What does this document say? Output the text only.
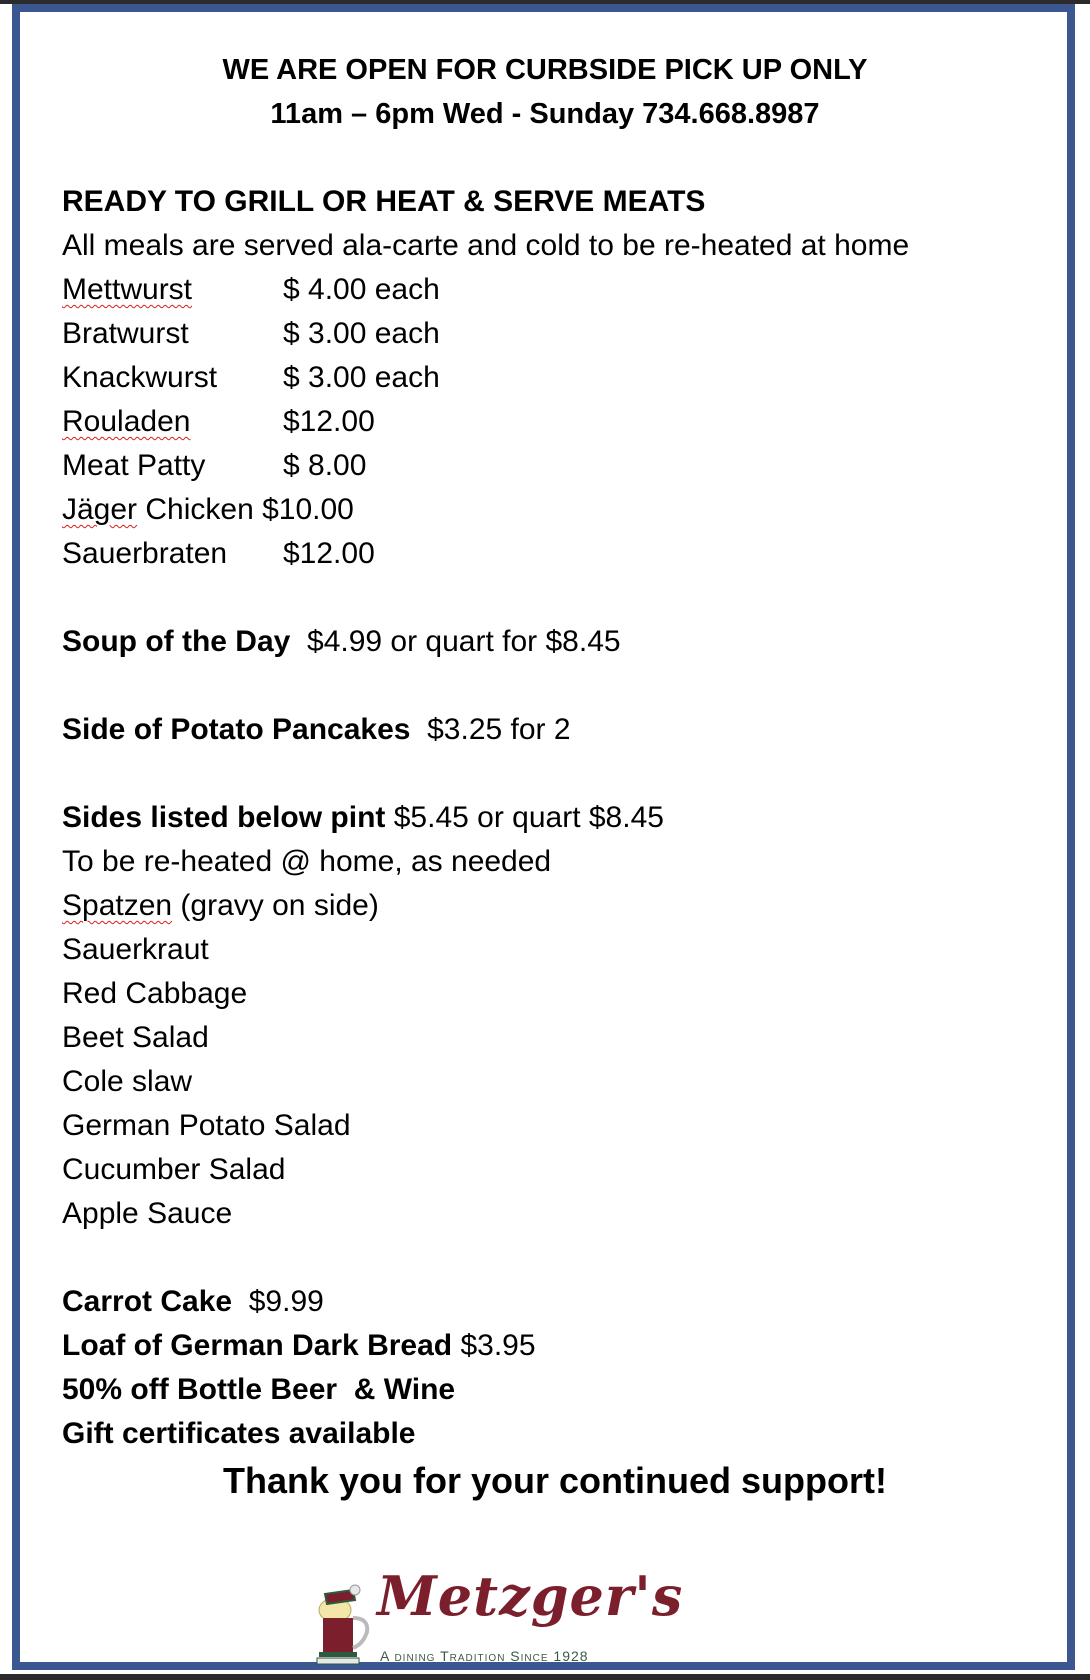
WE ARE OPEN FOR CURBSIDE PICK UP ONLY
11am – 6pm Wed - Sunday 734.668.8987
READY TO GRILL OR HEAT & SERVE MEATS
All meals are served ala-carte and cold to be re-heated at home
Mettwurst	$ 4.00 each
Bratwurst	$ 3.00 each
Knackwurst $ 3.00 each
Rouladen	$12.00
Meat Patty	$ 8.00
Jäger Chicken $10.00
Sauerbraten $12.00
Soup of the Day $4.99 or quart for $8.45
Side of Potato Pancakes $3.25 for 2
Sides listed below pint $5.45 or quart $8.45
To be re-heated @ home, as needed
Spatzen (gravy on side)
Sauerkraut
Red Cabbage
Beet Salad
Cole slaw
German Potato Salad
Cucumber Salad
Apple Sauce
Carrot Cake $9.99
Loaf of German Dark Bread $3.95
50% off Bottle Beer  & Wine
Gift certificates available
Thank you for your continued support!
Metzger's
A dining Tradition Since 1928
